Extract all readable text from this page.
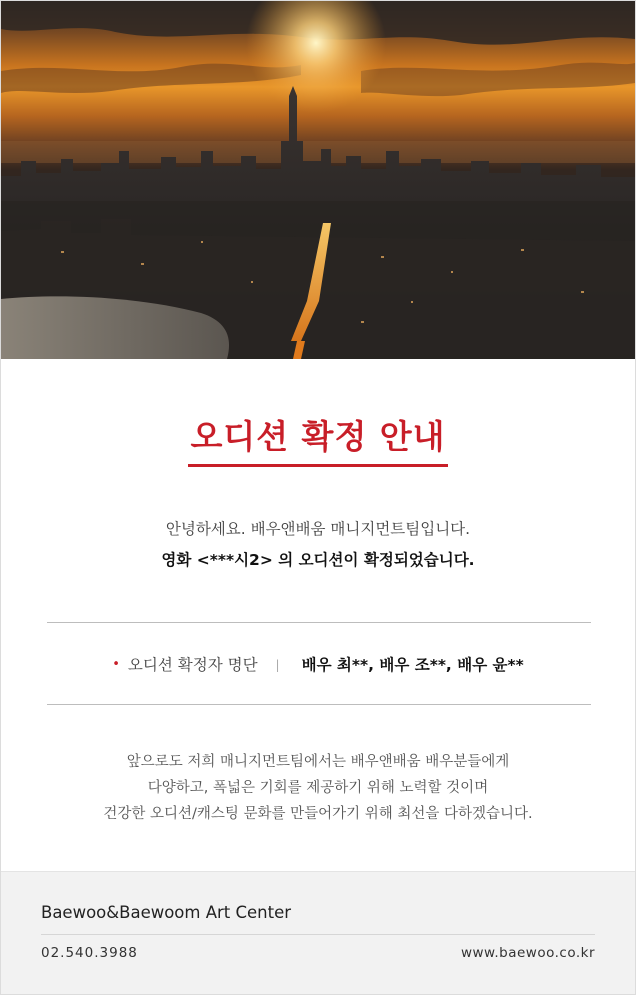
오디션 확정 안내
안녕하세요. 배우앤배움 매니지먼트팀입니다.
영화 <***시2> 의 오디션이 확정되었습니다.
• 오디션 확정자 명단 | 배우 최**, 배우 조**, 배우 윤**
앞으로도 저희 매니지먼트팀에서는 배우앤배움 배우분들에게
다양하고, 폭넓은 기회를 제공하기 위해 노력할 것이며
건강한 오디션/캐스팅 문화를 만들어가기 위해 최선을 다하겠습니다.
Baewoo&Baewoom Art Center
02.540.3988	www.baewoo.co.kr
